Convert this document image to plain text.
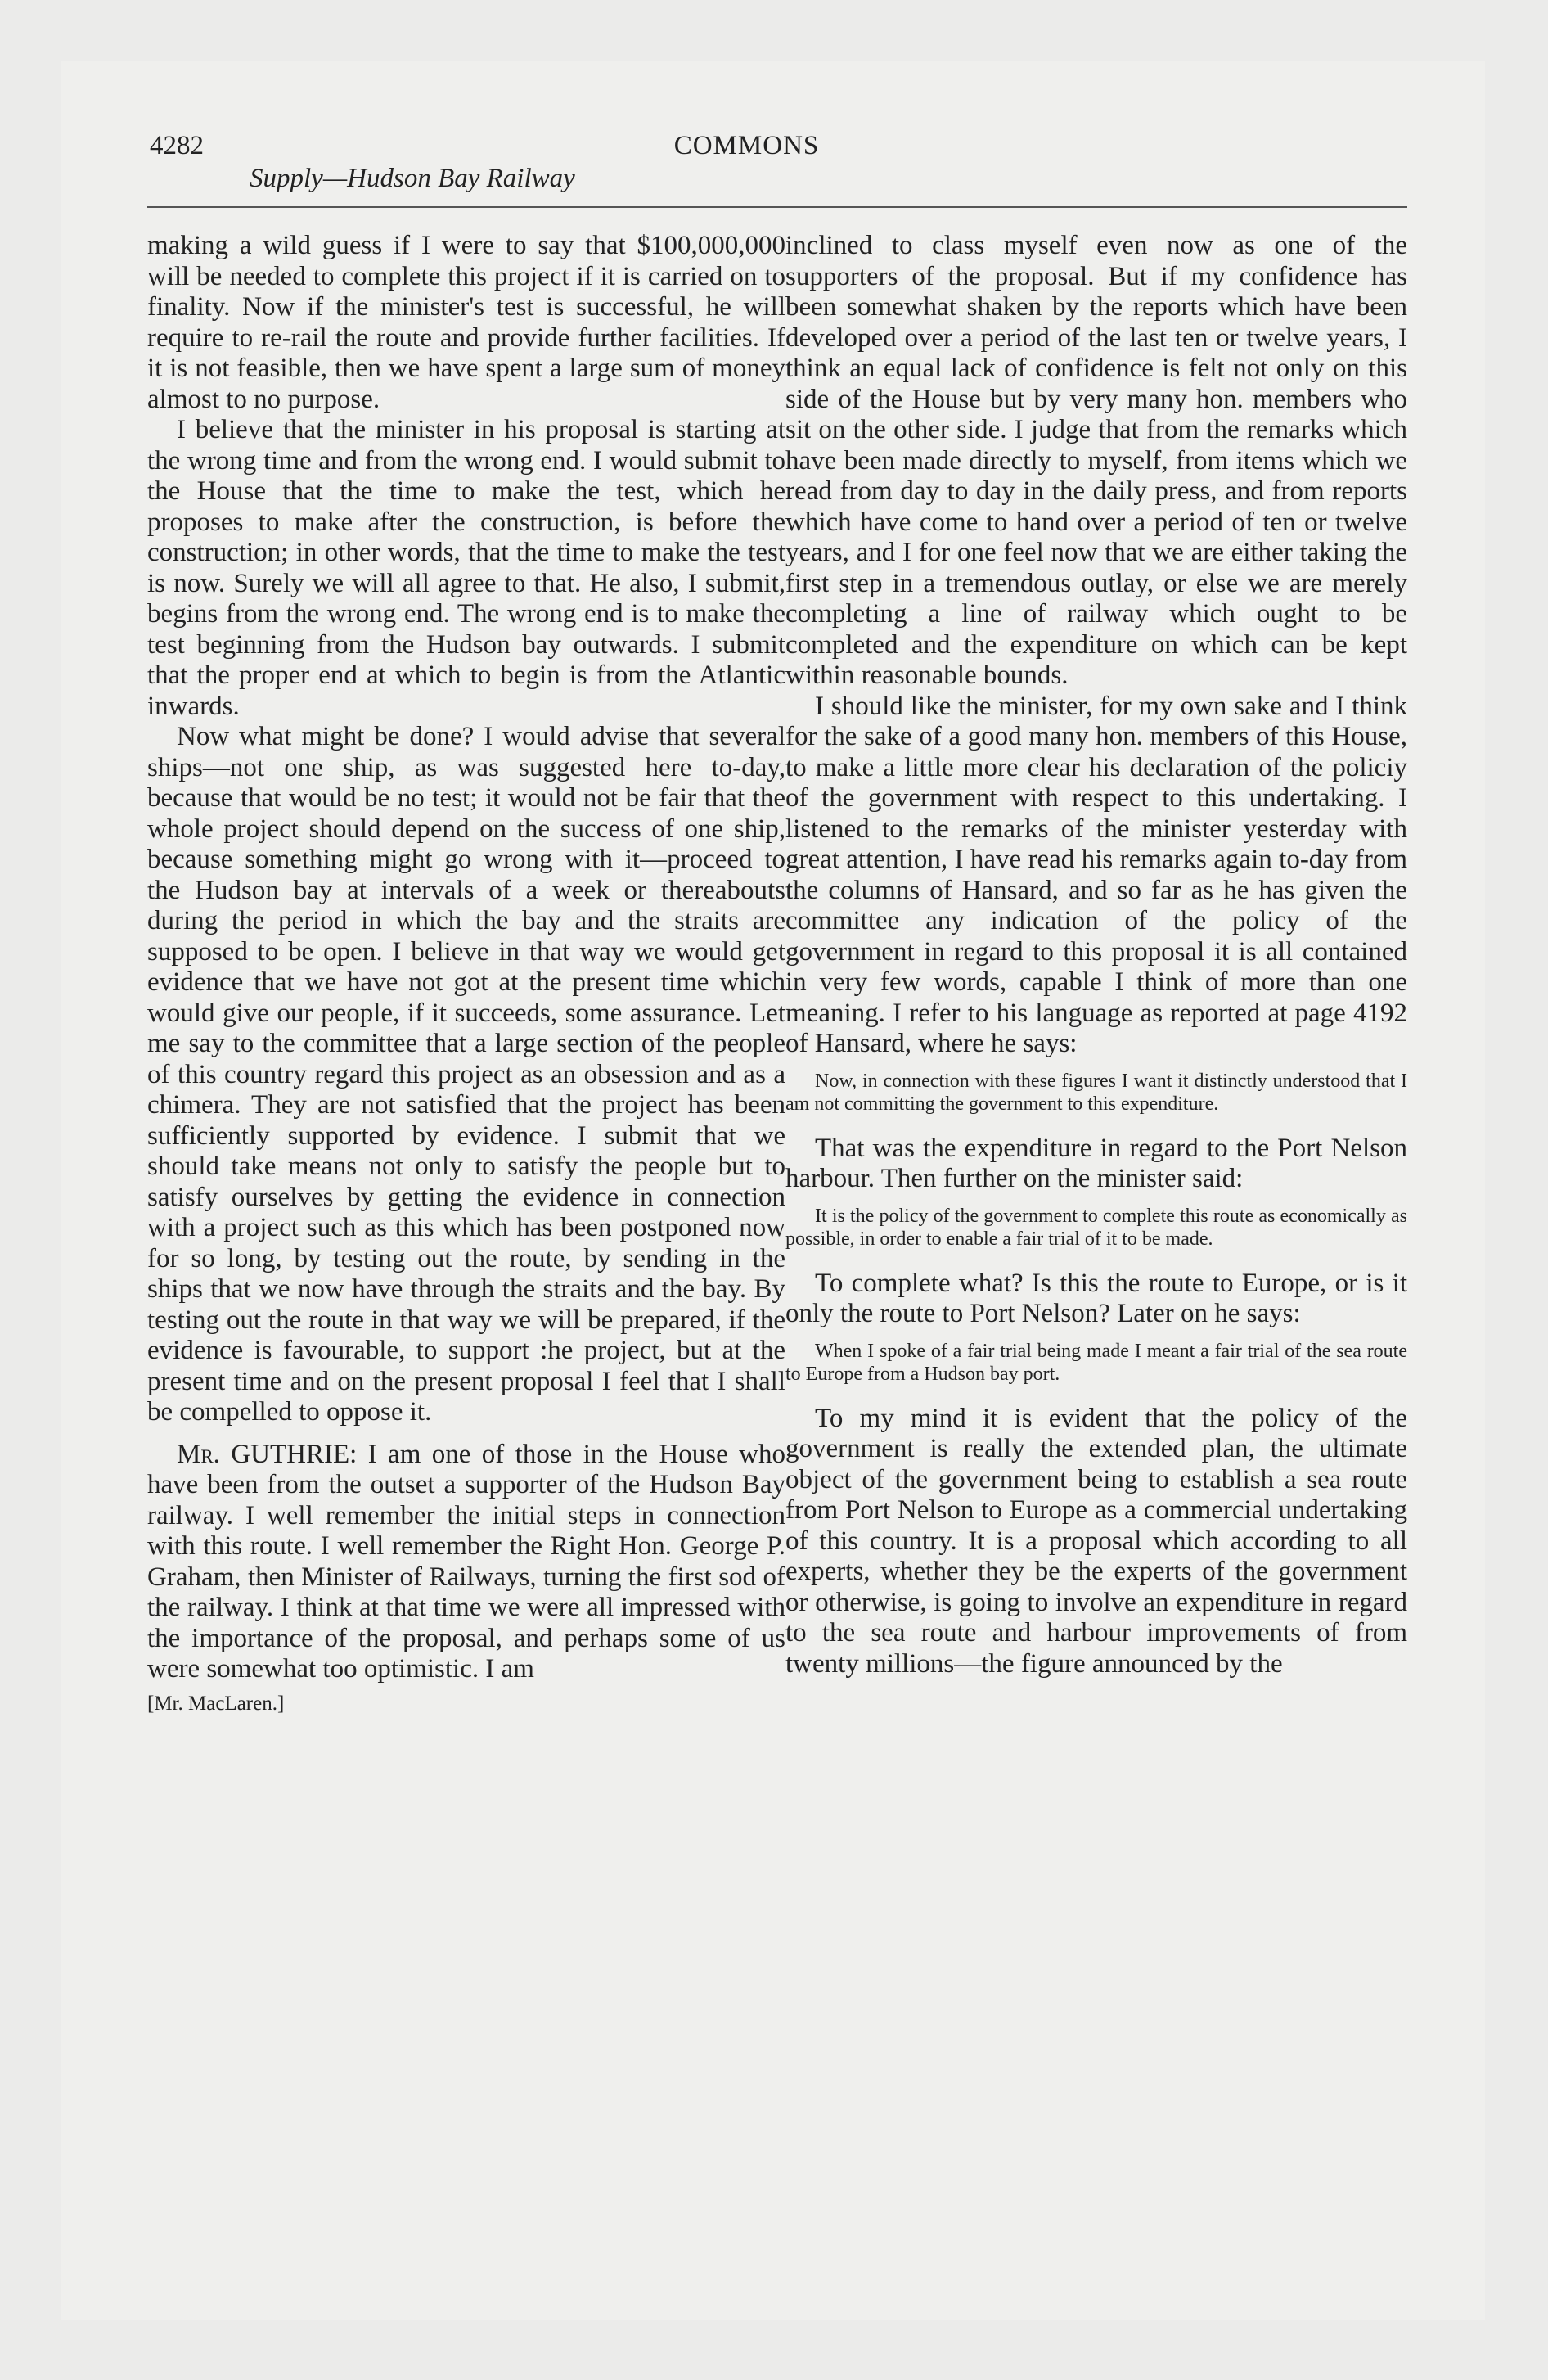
4282	COMMONS
Supply—Hudson Bay Railway

making a wild guess if I were to say that $100,000,000 will be needed to complete this project if it is carried on to finality. Now if the minister's test is successful, he will require to re-rail the route and provide further facilities. If it is not feasible, then we have spent a large sum of money almost to no purpose.

I believe that the minister in his proposal is starting at the wrong time and from the wrong end. I would submit to the House that the time to make the test, which he proposes to make after the construction, is before the construction; in other words, that the time to make the test is now. Surely we will all agree to that. He also, I submit, begins from the wrong end. The wrong end is to make the test beginning from the Hudson bay outwards. I submit that the proper end at which to begin is from the Atlantic inwards.

Now what might be done? I would advise that several ships—not one ship, as was suggested here to-day, because that would be no test; it would not be fair that the whole project should depend on the success of one ship, because something might go wrong with it—proceed to the Hudson bay at intervals of a week or thereabouts during the period in which the bay and the straits are supposed to be open. I believe in that way we would get evidence that we have not got at the present time which would give our people, if it succeeds, some assurance. Let me say to the committee that a large section of the people of this country regard this project as an obsession and as a chimera. They are not satisfied that the project has been sufficiently supported by evidence. I submit that we should take means not only to satisfy the people but to satisfy ourselves by getting the evidence in connection with a project such as this which has been postponed now for so long, by testing out the route, by sending in the ships that we now have through the straits and the bay. By testing out the route in that way we will be prepared, if the evidence is favourable, to support :he project, but at the present time and on the present proposal I feel that I shall be compelled to oppose it.

Mr. GUTHRIE: I am one of those in the House who have been from the outset a supporter of the Hudson Bay railway. I well remember the initial steps in connection with this route. I well remember the Right Hon. George P. Graham, then Minister of Railways, turning the first sod of the railway. I think at that time we were all impressed with the importance of the proposal, and perhaps some of us were somewhat too optimistic. I am

[Mr. MacLaren.]

inclined to class myself even now as one of the supporters of the proposal. But if my confidence has been somewhat shaken by the reports which have been developed over a period of the last ten or twelve years, I think an equal lack of confidence is felt not only on this side of the House but by very many hon. members who sit on the other side. I judge that from the remarks which have been made directly to myself, from items which we read from day to day in the daily press, and from reports which have come to hand over a period of ten or twelve years, and I for one feel now that we are either taking the first step in a tremendous outlay, or else we are merely completing a line of railway which ought to be completed and the expenditure on which can be kept within reasonable bounds.

I should like the minister, for my own sake and I think for the sake of a good many hon. members of this House, to make a little more clear his declaration of the policiy of the government with respect to this undertaking. I listened to the remarks of the minister yesterday with great attention, I have read his remarks again to-day from the columns of Hansard, and so far as he has given the committee any indication of the policy of the government in regard to this proposal it is all contained in very few words, capable I think of more than one meaning. I refer to his language as reported at page 4192 of Hansard, where he says:

Now, in connection with these figures I want it distinctly understood that I am not committing the government to this expenditure.

That was the expenditure in regard to the Port Nelson harbour. Then further on the minister said:

It is the policy of the government to complete this route as economically as possible, in order to enable a fair trial of it to be made.

To complete what? Is this the route to Europe, or is it only the route to Port Nelson? Later on he says:

When I spoke of a fair trial being made I meant a fair trial of the sea route to Europe from a Hudson bay port.

To my mind it is evident that the policy of the government is really the extended plan, the ultimate object of the government being to establish a sea route from Port Nelson to Europe as a commercial undertaking of this country. It is a proposal which according to all experts, whether they be the experts of the government or otherwise, is going to involve an expenditure in regard to the sea route and harbour improvements of from twenty millions—the figure announced by the
